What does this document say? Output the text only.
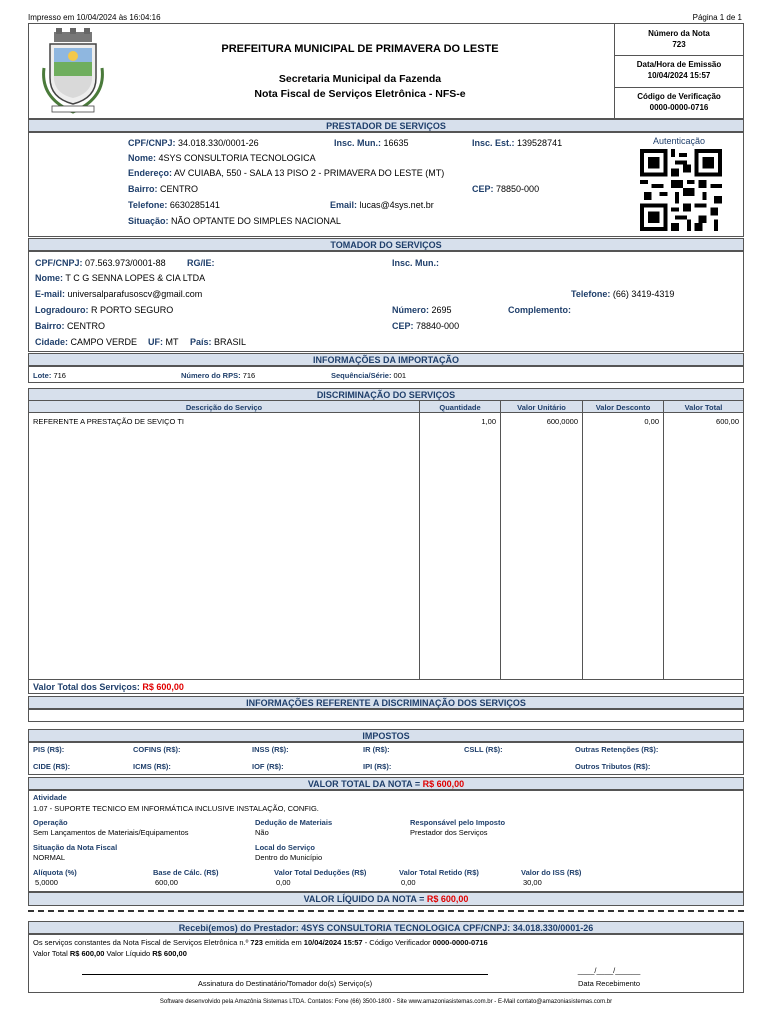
Impresso em 10/04/2024 às 16:04:16	Página 1 de 1
PREFEITURA MUNICIPAL DE PRIMAVERA DO LESTE
Secretaria Municipal da Fazenda
Nota Fiscal de Serviços Eletrônica - NFS-e
Número da Nota
723
Data/Hora de Emissão
10/04/2024 15:57
Código de Verificação
0000-0000-0716
PRESTADOR DE SERVIÇOS
CPF/CNPJ: 34.018.330/0001-26	Insc. Mun.: 16635	Insc. Est.: 139528741	Autenticação
Nome: 4SYS CONSULTORIA TECNOLOGICA
Endereço: AV CUIABA, 550 - SALA 13 PISO 2 - PRIMAVERA DO LESTE (MT)
Bairro: CENTRO	CEP: 78850-000
Telefone: 6630285141	Email: lucas@4sys.net.br
Situação: NÃO OPTANTE DO SIMPLES NACIONAL
TOMADOR DO SERVIÇOS
CPF/CNPJ: 07.563.973/0001-88 RG/IE:	Insc. Mun.:
Nome: T C G SENNA LOPES & CIA LTDA
E-mail: universalparafusoscv@gmail.com	Telefone: (66) 3419-4319
Logradouro: R PORTO SEGURO	Número: 2695	Complemento:
Bairro: CENTRO	CEP: 78840-000
Cidade: CAMPO VERDE UF: MT País: BRASIL
INFORMAÇÕES DA IMPORTAÇÃO
Lote: 716	Número do RPS: 716	Sequência/Série: 001
DISCRIMINAÇÃO DO SERVIÇOS
Descrição do Serviço	Quantidade	Valor Unitário	Valor Desconto	Valor Total
REFERENTE A PRESTAÇÃO DE SEVIÇO TI	1,00	600,0000	0,00	600,00
Valor Total dos Serviços: R$ 600,00
INFORMAÇÕES REFERENTE A DISCRIMINAÇÃO DOS SERVIÇOS
IMPOSTOS
PIS (R$):	COFINS (R$):	INSS (R$):	IR (R$):	CSLL (R$):	Outras Retenções (R$):
CIDE (R$):	ICMS (R$):	IOF (R$):	IPI (R$):	Outros Tributos (R$):
VALOR TOTAL DA NOTA = R$ 600,00
Atividade
1.07 - SUPORTE TECNICO EM INFORMÁTICA INCLUSIVE INSTALAÇÃO, CONFIG.
Operação
Sem Lançamentos de Materiais/Equipamentos
Dedução de Materiais
Não
Responsável pelo Imposto
Prestador dos Serviços
Situação da Nota Fiscal
NORMAL
Local do Serviço
Dentro do Município
Alíquota (%)
5,0000
Base de Cálc. (R$)
600,00
Valor Total Deduções (R$)
0,00
Valor Total Retido (R$)
0,00
Valor do ISS (R$)
30,00
VALOR LÍQUIDO DA NOTA = R$ 600,00
Recebi(emos) do Prestador: 4SYS CONSULTORIA TECNOLOGICA CPF/CNPJ: 34.018.330/0001-26
Os serviços constantes da Nota Fiscal de Serviços Eletrônica n.º 723 emitida em 10/04/2024 15:57 - Código Verificador 0000-0000-0716
Valor Total R$ 600,00 Valor Líquido R$ 600,00
Assinatura do Destinatário/Tomador do(s) Serviço(s)
____/____/______
Data Recebimento
Software desenvolvido pela Amazônia Sistemas LTDA. Contatos: Fone (66) 3500-1800 - Site www.amazoniasistemas.com.br - E-Mail contato@amazoniasistemas.com.br
